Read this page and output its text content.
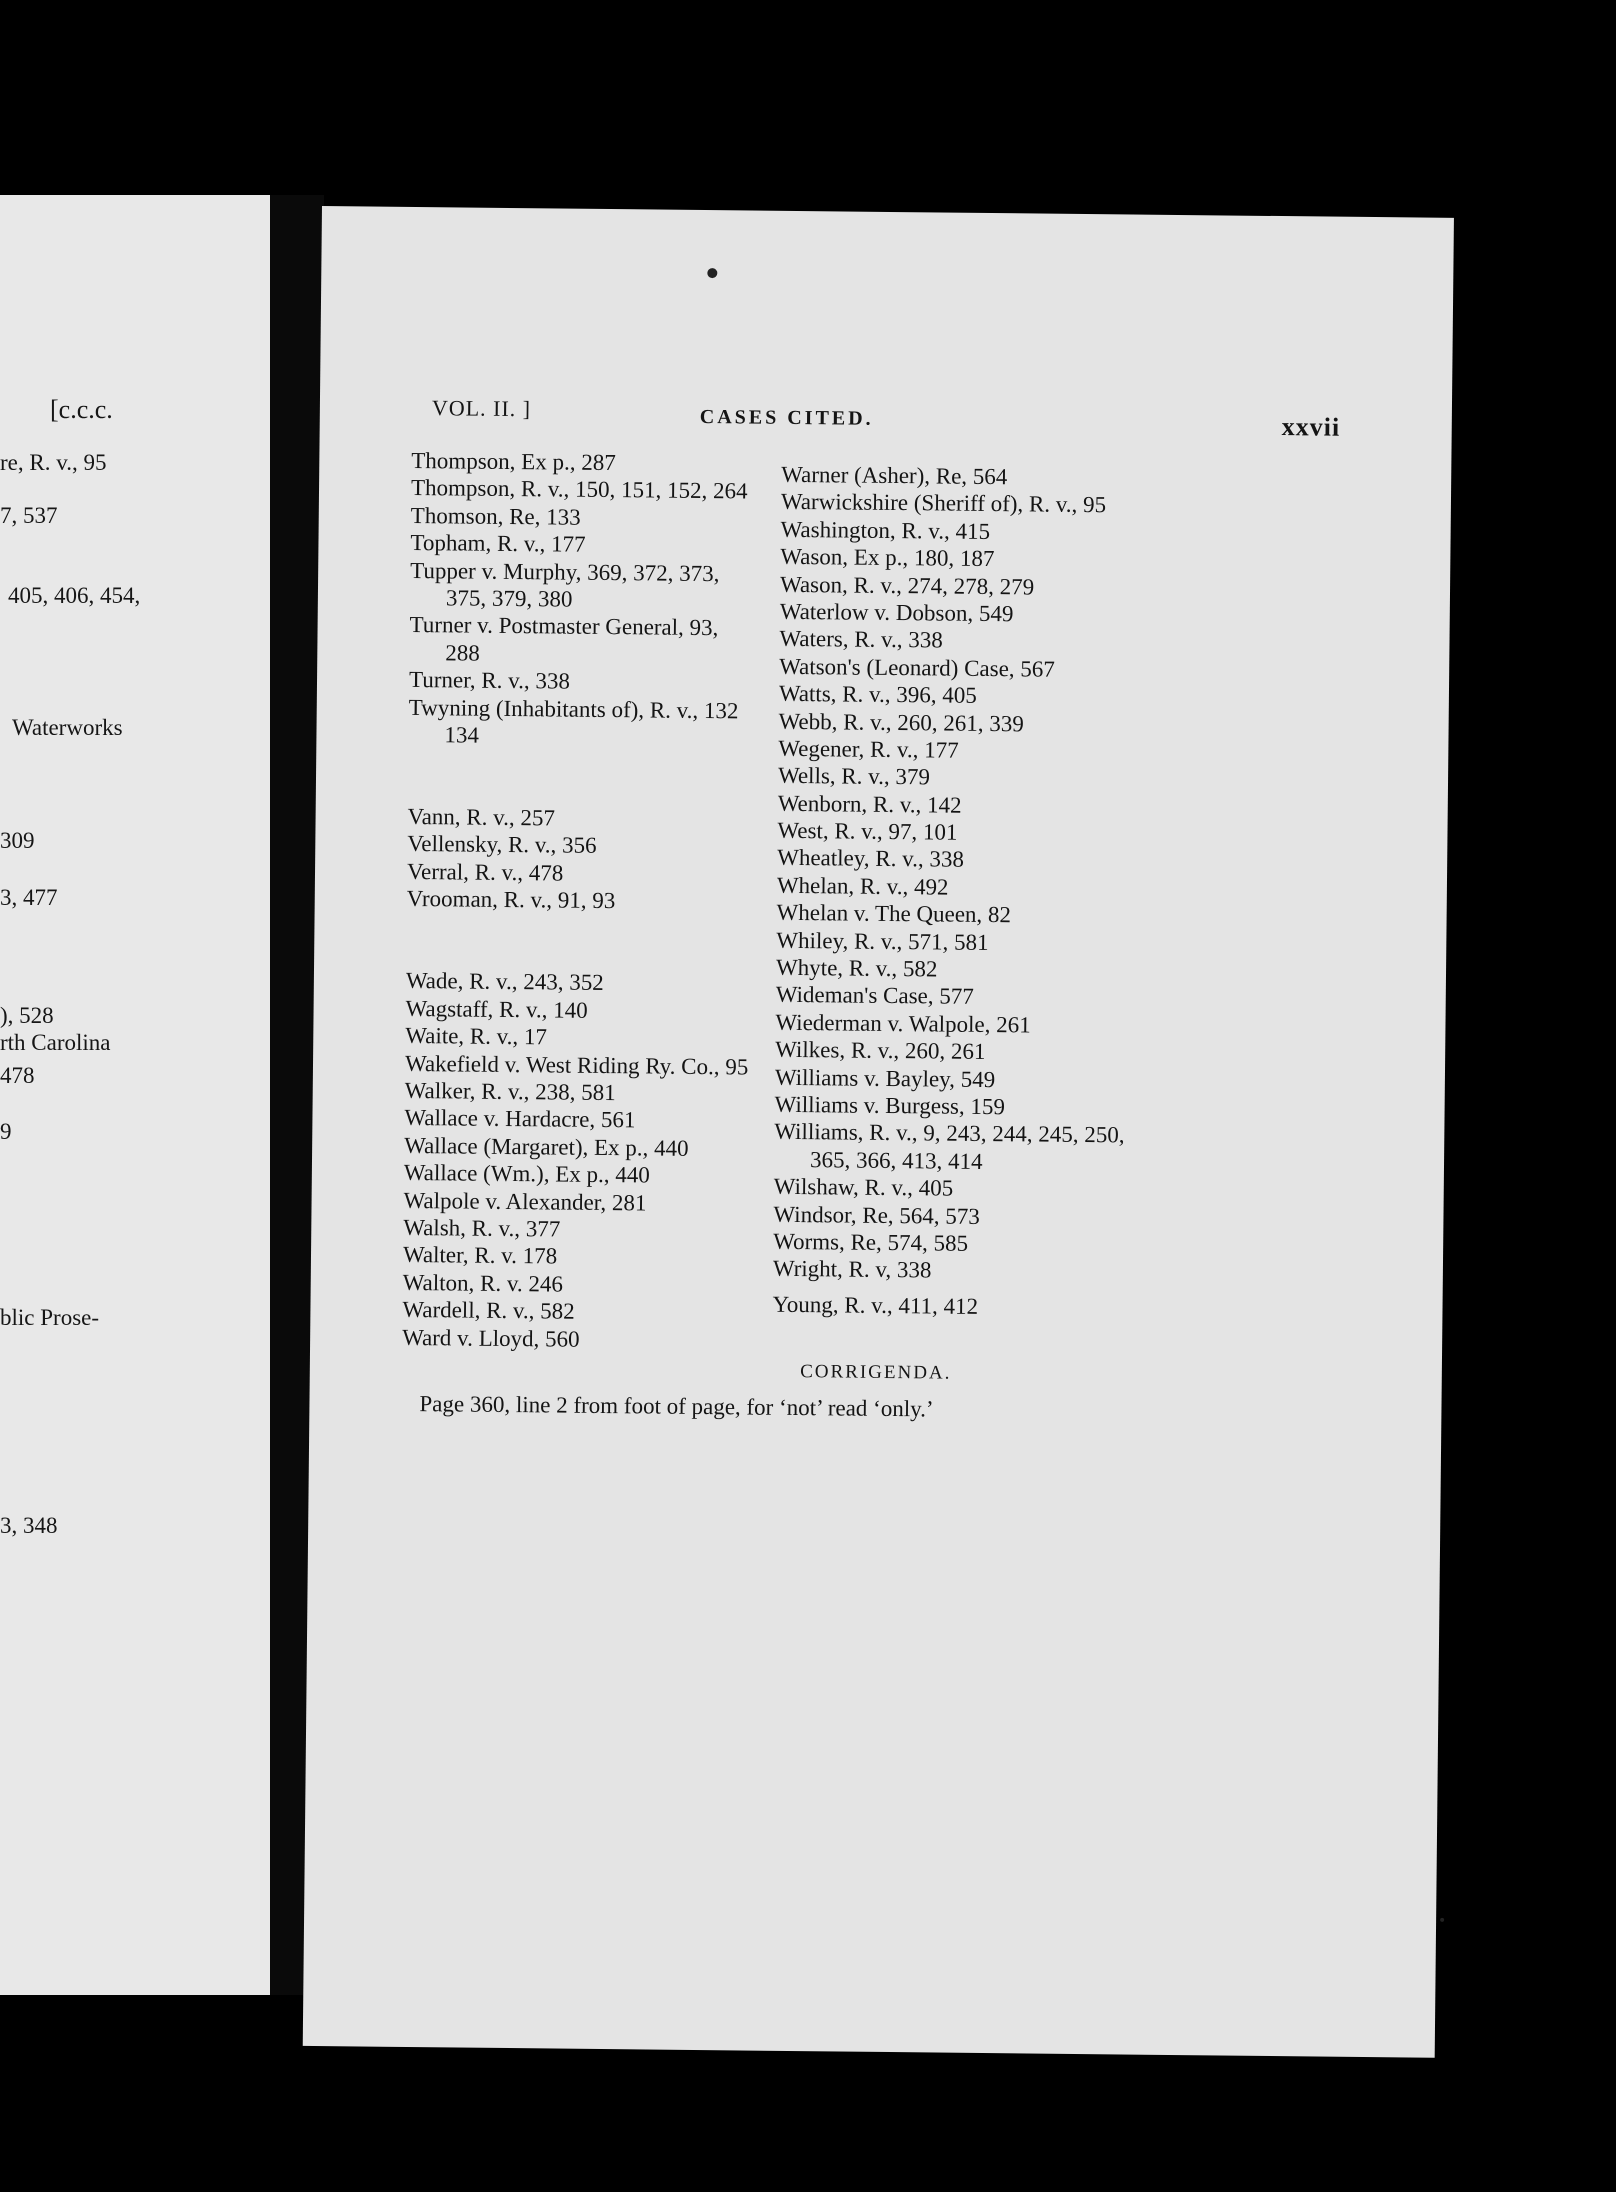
[c.c.c.
re, R. v., 95
7, 537
405, 406, 454,
Waterworks
309
3, 477
), 528
rth Carolina
478
9
blic Prose-
3, 348
VOL. II. ]	CASES CITED.	xxvii
Thompson, Ex p., 287
Thompson, R. v., 150, 151, 152, 264
Thomson, Re, 133
Topham, R. v., 177
Tupper v. Murphy, 369, 372, 373,
375, 379, 380
Turner v. Postmaster General, 93,
288
Turner, R. v., 338
Twyning (Inhabitants of), R. v., 132
134
Vann, R. v., 257
Vellensky, R. v., 356
Verral, R. v., 478
Vrooman, R. v., 91, 93
Wade, R. v., 243, 352
Wagstaff, R. v., 140
Waite, R. v., 17
Wakefield v. West Riding Ry. Co., 95
Walker, R. v., 238, 581
Wallace v. Hardacre, 561
Wallace (Margaret), Ex p., 440
Wallace (Wm.), Ex p., 440
Walpole v. Alexander, 281
Walsh, R. v., 377
Walter, R. v. 178
Walton, R. v. 246
Wardell, R. v., 582
Ward v. Lloyd, 560
Warner (Asher), Re, 564
Warwickshire (Sheriff of), R. v., 95
Washington, R. v., 415
Wason, Ex p., 180, 187
Wason, R. v., 274, 278, 279
Waterlow v. Dobson, 549
Waters, R. v., 338
Watson's (Leonard) Case, 567
Watts, R. v., 396, 405
Webb, R. v., 260, 261, 339
Wegener, R. v., 177
Wells, R. v., 379
Wenborn, R. v., 142
West, R. v., 97, 101
Wheatley, R. v., 338
Whelan, R. v., 492
Whelan v. The Queen, 82
Whiley, R. v., 571, 581
Whyte, R. v., 582
Wideman's Case, 577
Wiederman v. Walpole, 261
Wilkes, R. v., 260, 261
Williams v. Bayley, 549
Williams v. Burgess, 159
Williams, R. v., 9, 243, 244, 245, 250,
365, 366, 413, 414
Wilshaw, R. v., 405
Windsor, Re, 564, 573
Worms, Re, 574, 585
Wright, R. v, 338
Young, R. v., 411, 412
CORRIGENDA.
Page 360, line 2 from foot of page, for ‘not’ read ‘only.’
